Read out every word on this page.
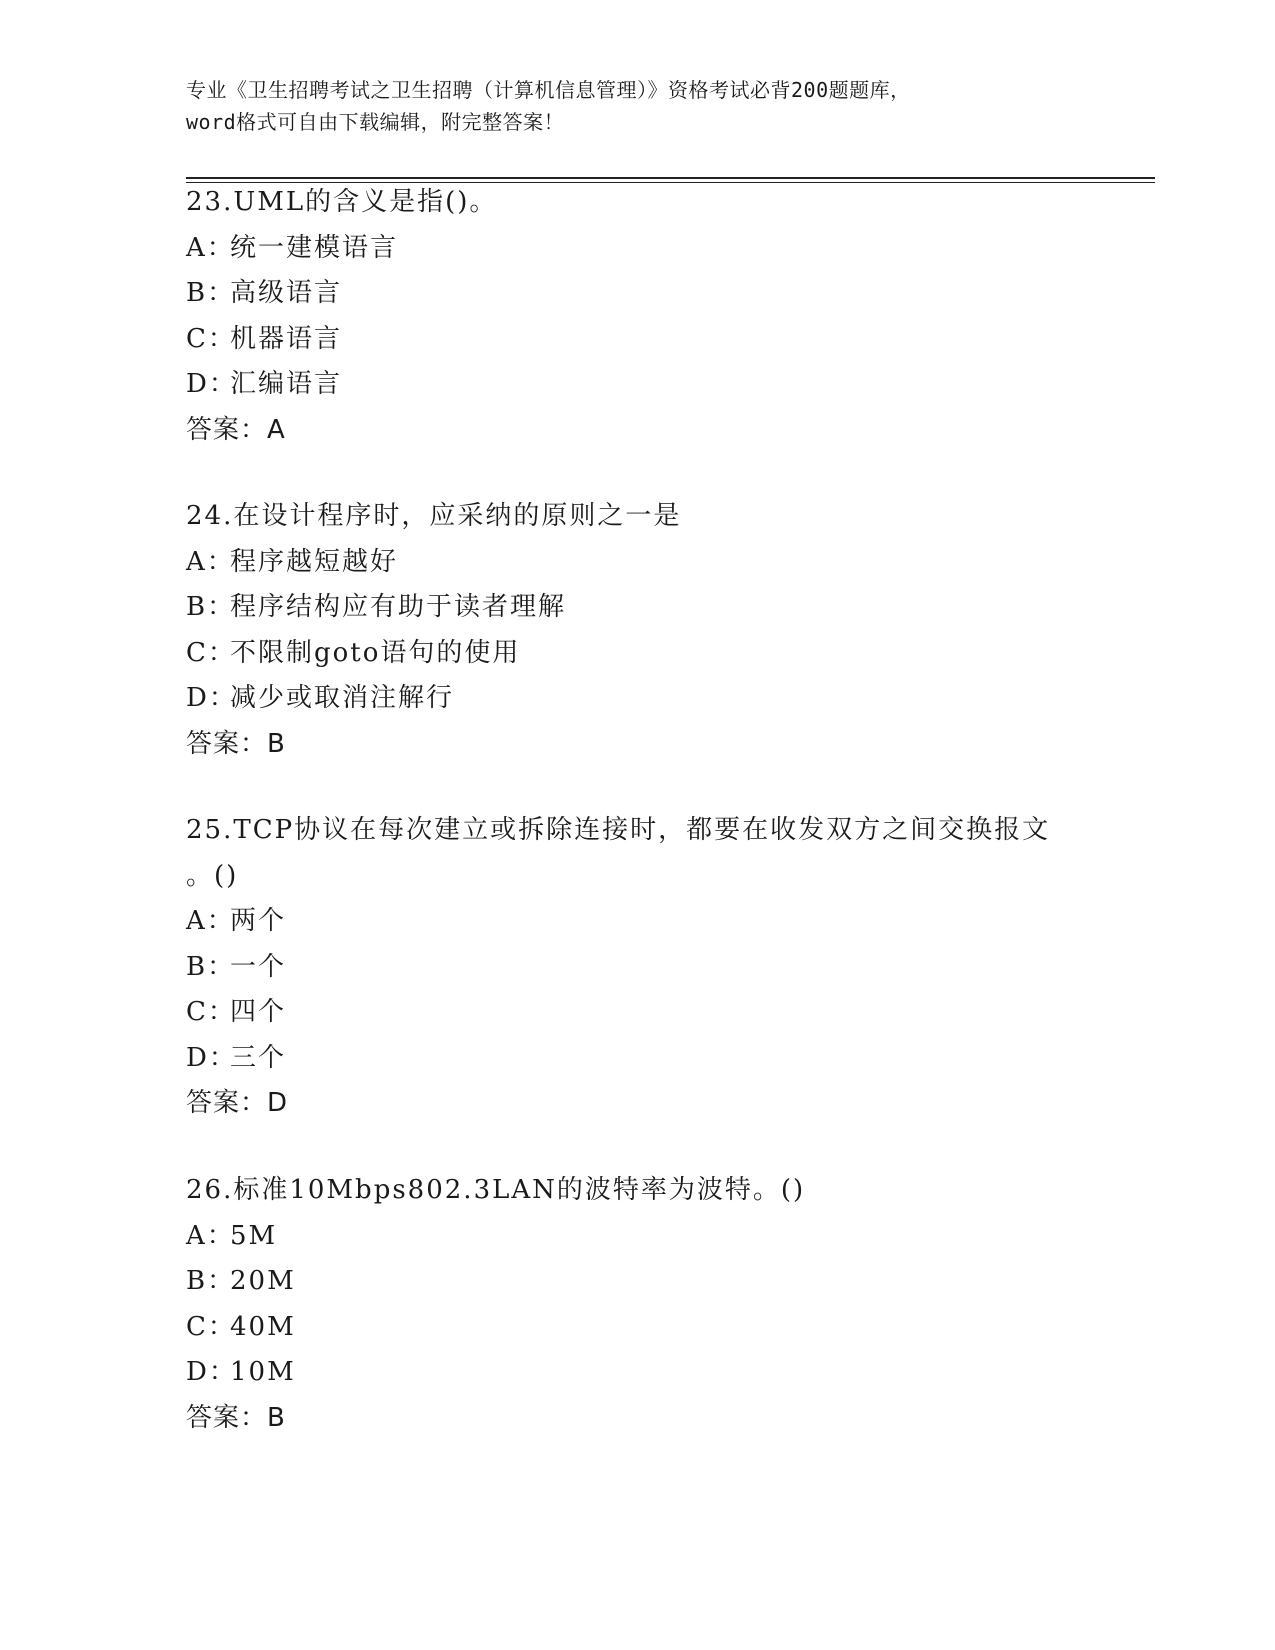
专业《卫生招聘考试之卫生招聘（计算机信息管理）》资格考试必背200题题库，
word格式可自由下载编辑，附完整答案！
23.UML的含义是指()。
A：统一建模语言
B：高级语言
C：机器语言
D：汇编语言
答案：A
24.在设计程序时，应采纳的原则之一是
A：程序越短越好
B：程序结构应有助于读者理解
C：不限制goto语句的使用
D：减少或取消注解行
答案：B
25.TCP协议在每次建立或拆除连接时，都要在收发双方之间交换报文
。()
A：两个
B：一个
C：四个
D：三个
答案：D
26.标准10Mbps802.3LAN的波特率为波特。()
A：5M
B：20M
C：40M
D：10M
答案：B
